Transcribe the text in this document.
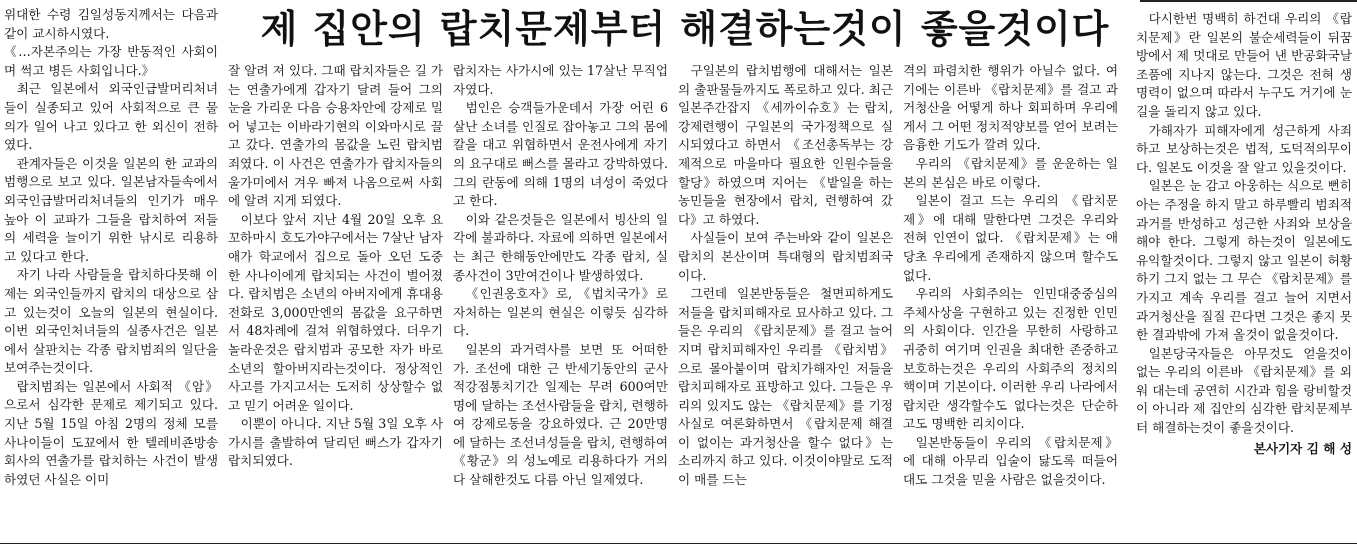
제 집안의 랍치문제부터 해결하는것이 좋을것이다

위대한 수령 김일성동지께서는 다음과 같이 교시하시였다.

《…자본주의는 가장 반동적인 사회이며 썩고 병든 사회입니다.》

최근 일본에서 외국인급발머리처녀들이 실종되고 있어 사회적으로 큰 물의가 일어 나고 있다고 한 외신이 전하였다.

관계자들은 이것을 일본의 한 교과의 범행으로 보고 있다. 일본남자들속에서 외국인급발머리처녀들의 인기가 매우 높아 이 교파가 그들을 랍치하여 저들의 세력을 늘이기 위한 낚시로 리용하고 있다고 한다.

자기 나라 사람들을 랍치하다못해 이제는 외국인들까지 랍치의 대상으로 삼고 있는것이 오늘의 일본의 현실이다. 이번 외국인처녀들의 실종사건은 일본에서 살판치는 각종 랍치범죄의 일단을 보여주는것이다.

랍치범죄는 일본에서 사회적 《암》으로서 심각한 문제로 제기되고 있다. 지난 5월 15일 아침 2명의 정체 모를 사나이들이 도꾜에서 한 텔레비죤방송회사의 연출가를 랍치하는 사건이 발생하였던 사실은 이미

잘 알려 져 있다. 그때 랍치자들은 길 가는 연출가에게 갑자기 달려 들어 그의 눈을 가리운 다음 승용차안에 강제로 밀어 넣고는 이바라기현의 이와마시로 끌고 갔다. 연출가의 몸값을 노린 랍치범죄였다. 이 사건은 연출가가 랍치자들의 울가미에서 겨우 빠져 나옴으로써 사회에 알려 지게 되였다.

이보다 앞서 지난 4월 20일 오후 요꼬하마시 호도가야구에서는 7살난 남자애가 학교에서 집으로 돌아 오던 도중 한 사나이에게 랍치되는 사건이 벌어졌다. 랍치범은 소년의 아버지에게 휴대용전화로 3,000만엔의 몸값을 요구하면서 48차례에 걸쳐 위협하였다. 더우기 놀라운것은 랍치범과 공모한 자가 바로 소년의 할아버지라는것이다. 정상적인 사고를 가지고서는 도저히 상상할수 없고 믿기 어려운 일이다.

이뿐이 아니다. 지난 5월 3일 오후 사가시를 출발하여 달리던 뻐스가 갑자기 랍치되였다.

랍치자는 사가시에 있는 17살난 무직업자였다.

범인은 승객들가운데서 가장 어린 6살난 소녀를 인질로 잡아놓고 그의 몸에 칼을 대고 위협하면서 운전사에게 자기의 요구대로 뻐스를 몰라고 강박하였다. 그의 란동에 의해 1명의 녀성이 죽었다고 한다.

이와 같은것들은 일본에서 빙산의 일각에 불과하다. 자료에 의하면 일본에서는 최근 한해동안에만도 각종 랍치, 실종사건이 3만여건이나 발생하였다.

《인권옹호자》로, 《법치국가》로 자처하는 일본의 현실은 이렇듯 심각하다.

일본의 과거력사를 보면 또 어떠한가. 조선에 대한 근 반세기동안의 군사적강점통치기간 일제는 무려 600여만명에 달하는 조선사람들을 랍치, 련행하여 강제로동을 강요하였다. 근 20만명에 달하는 조선녀성들을 랍치, 련행하여 《황군》의 성노예로 리용하다가 거의다 살해한것도 다름 아닌 일제였다.

구일본의 랍치범행에 대해서는 일본의 출판물들까지도 폭로하고 있다. 최근 일본주간잡지 《세까이슈호》는 랍치, 강제련행이 구일본의 국가정책으로 실시되였다고 하면서 《조선총독부는 강제적으로 마을마다 필요한 인원수들을 할당》하였으며 지어는 《밭일을 하는 농민들을 현장에서 랍치, 련행하여 갔다》고 하였다.

사실들이 보여 주는바와 같이 일본은 랍치의 본산이며 특대형의 랍치범죄국이다.

그런데 일본반동들은 철면피하게도 저들을 랍치피해자로 묘사하고 있다. 그들은 우리의 《랍치문제》를 걸고 늘어 지며 랍치피해자인 우리를 《랍치범》으로 몰아붙이며 랍치가해자인 저들을 랍치피해자로 표방하고 있다. 그들은 우리의 있지도 않는 《랍치문제》를 기정사실로 여론화하면서 《랍치문제 해결이 없이는 과거청산을 할수 없다》는 소리까지 하고 있다. 이것이야말로 도적이 매를 드는

격의 파렴치한 행위가 아닐수 없다. 여기에는 이른바 《랍치문제》를 걸고 과거청산을 어떻게 하나 회피하며 우리에게서 그 어떤 정치적양보를 얻어 보려는 음흉한 기도가 깔려 있다.

우리의 《랍치문제》를 운운하는 일본의 본심은 바로 이렇다.

일본이 걸고 드는 우리의 《랍치문제》에 대해 말한다면 그것은 우리와 전혀 인연이 없다. 《랍치문제》는 애당초 우리에게 존재하지 않으며 할수도 없다.

우리의 사회주의는 인민대중중심의 주체사상을 구현하고 있는 진정한 인민의 사회이다. 인간을 무한히 사랑하고 귀중히 여기며 인권을 최대한 존중하고 보호하는것은 우리의 사회주의 정치의 핵이며 기본이다. 이러한 우리 나라에서 랍치란 생각할수도 없다는것은 단순하고도 명백한 리치이다.

일본반동들이 우리의 《랍치문제》에 대해 아무리 입술이 닳도록 떠들어 대도 그것을 믿을 사람은 없을것이다.

다시한번 명백히 하건대 우리의 《랍치문제》란 일본의 불순세력들이 뒤꿈방에서 제 멋대로 만들어 낸 반공화국날조품에 지나지 않는다. 그것은 전혀 생명력이 없으며 따라서 누구도 거기에 눈길을 돌리지 않고 있다.

가해자가 피해자에게 성근하게 사죄하고 보상하는것은 법적, 도덕적의무이다. 일본도 이것을 잘 알고 있을것이다.

일본은 눈 감고 아웅하는 식으로 뻔히 아는 주정을 하지 말고 하루빨리 범죄적과거를 반성하고 성근한 사죄와 보상을 해야 한다. 그렇게 하는것이 일본에도 유익할것이다. 그렇지 않고 일본이 허황하기 그지 없는 그 무슨 《랍치문제》를 가지고 계속 우리를 걸고 늘어 지면서 과거청산을 질질 끈다면 그것은 좋지 못한 결과밖에 가져 올것이 없을것이다.

일본당국자들은 아무것도 얻을것이 없는 우리의 이른바 《랍치문제》를 외워 대는데 공연히 시간과 힘을 랑비할것이 아니라 제 집안의 심각한 랍치문제부터 해결하는것이 좋을것이다.

본사기자 김 해 성
